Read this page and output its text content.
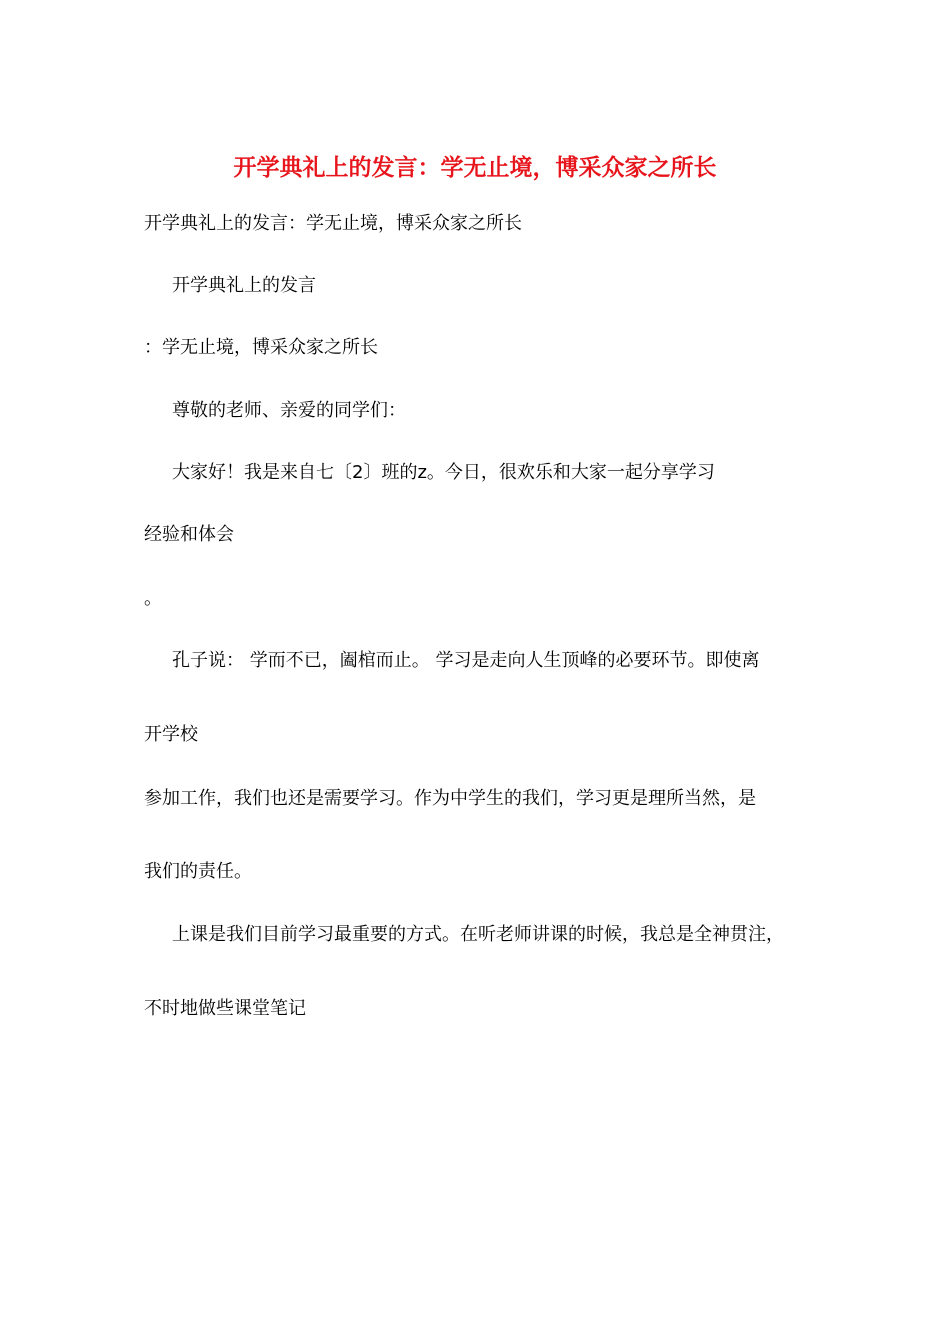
开学典礼上的发言：学无止境，博采众家之所长
开学典礼上的发言：学无止境，博采众家之所长
开学典礼上的发言
：学无止境，博采众家之所长
尊敬的老师、亲爱的同学们：
大家好！我是来自七〔2〕班的z。今日，很欢乐和大家一起分享学习
经验和体会
。
孔子说： 学而不已，阖棺而止。 学习是走向人生顶峰的必要环节。即使离
开学校
参加工作，我们也还是需要学习。作为中学生的我们，学习更是理所当然，是
我们的责任。
上课是我们目前学习最重要的方式。在听老师讲课的时候，我总是全神贯注，
不时地做些课堂笔记
